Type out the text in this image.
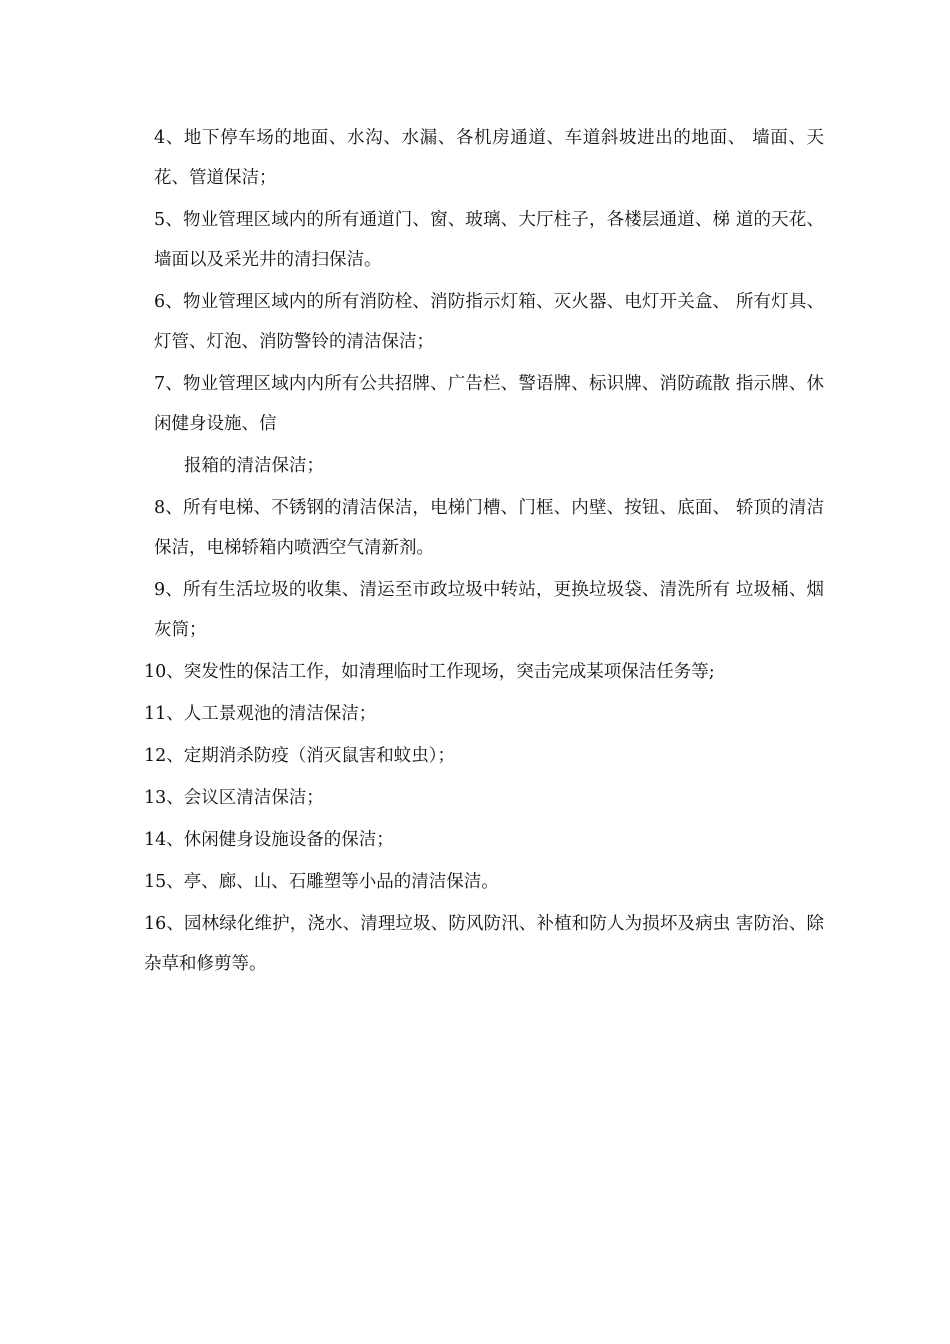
4、地下停车场的地面、水沟、水漏、各机房通道、车道斜坡进出的地面、 墙面、天花、管道保洁；

5、物业管理区域内的所有通道门、窗、玻璃、大厅柱子，各楼层通道、梯 道的天花、墙面以及采光井的清扫保洁。

6、物业管理区域内的所有消防栓、消防指示灯箱、灭火器、电灯开关盒、 所有灯具、灯管、灯泡、消防警铃的清洁保洁；

7、物业管理区域内内所有公共招牌、广告栏、警语牌、标识牌、消防疏散 指示牌、休闲健身设施、信

报箱的清洁保洁；

8、所有电梯、不锈钢的清洁保洁，电梯门槽、门框、内壁、按钮、底面、 轿顶的清洁保洁，电梯轿箱内喷洒空气清新剂。

9、所有生活垃圾的收集、清运至市政垃圾中转站，更换垃圾袋、清洗所有 垃圾桶、烟灰筒；

10、突发性的保洁工作，如清理临时工作现场，突击完成某项保洁任务等;

11、人工景观池的清洁保洁；

12、定期消杀防疫（消灭鼠害和蚊虫）；

13、会议区清洁保洁；

14、休闲健身设施设备的保洁；

15、亭、廊、山、石雕塑等小品的清洁保洁。

16、园林绿化维护，浇水、清理垃圾、防风防汛、补植和防人为损坏及病虫 害防治、除杂草和修剪等。
